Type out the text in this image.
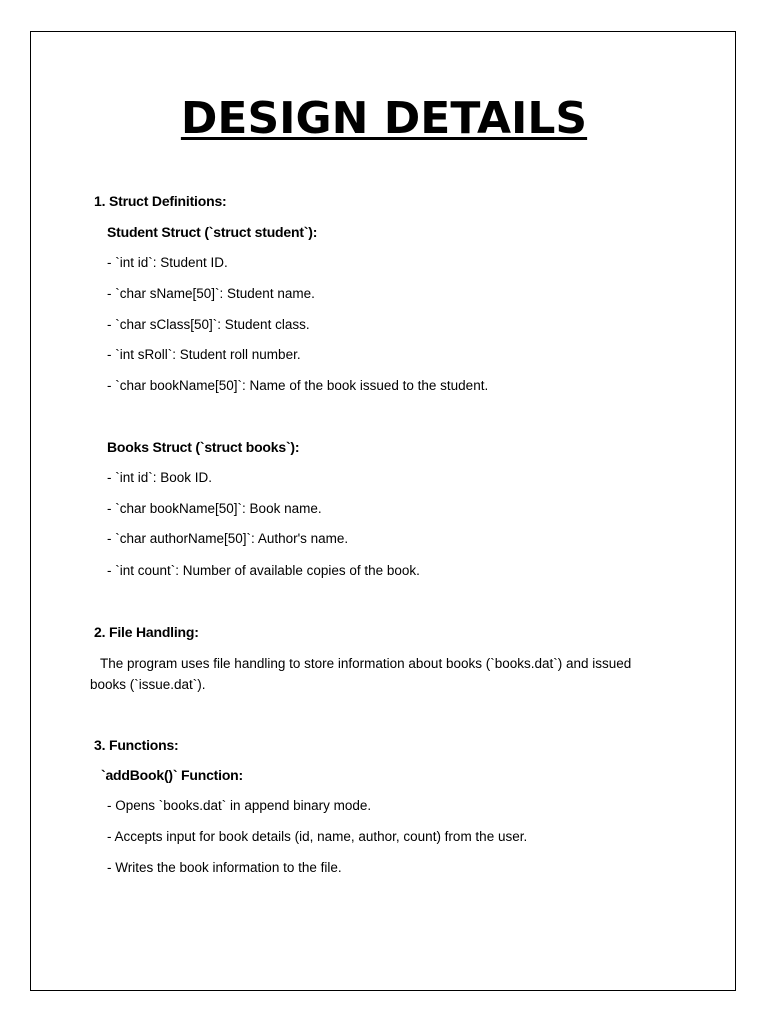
DESIGN DETAILS

1. Struct Definitions:

Student Struct (`struct student`):

- `int id`: Student ID.

- `char sName[50]`: Student name.

- `char sClass[50]`: Student class.

- `int sRoll`: Student roll number.

- `char bookName[50]`: Name of the book issued to the student.

Books Struct (`struct books`):

- `int id`: Book ID.

- `char bookName[50]`: Book name.

- `char authorName[50]`: Author's name.

- `int count`: Number of available copies of the book.

2. File Handling:

The program uses file handling to store information about books (`books.dat`) and issued books (`issue.dat`).

3. Functions:

`addBook()` Function:

- Opens `books.dat` in append binary mode.

- Accepts input for book details (id, name, author, count) from the user.

- Writes the book information to the file.
